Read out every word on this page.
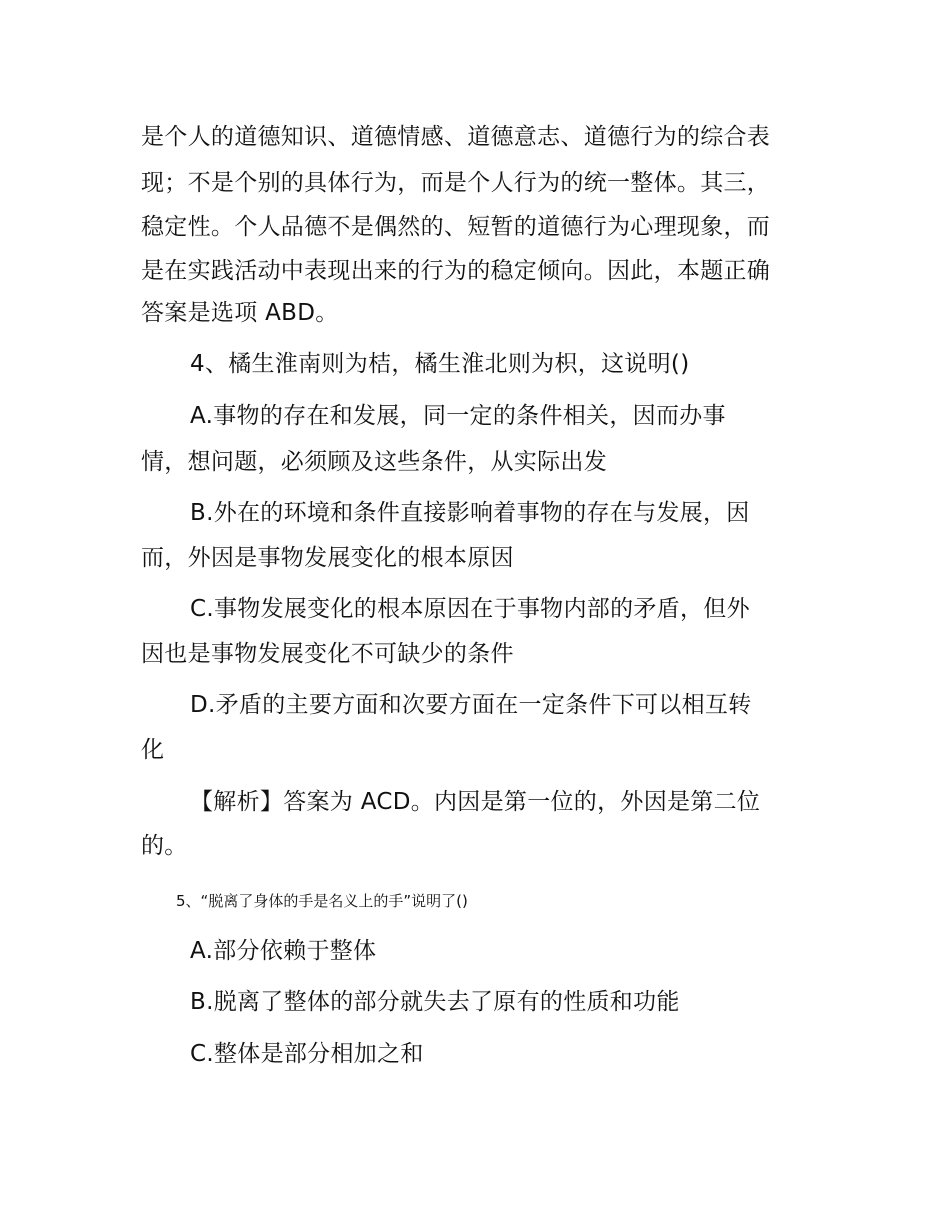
是个人的道德知识、道德情感、道德意志、道德行为的综合表
现；不是个别的具体行为，而是个人行为的统一整体。其三，
稳定性。个人品德不是偶然的、短暂的道德行为心理现象，而
是在实践活动中表现出来的行为的稳定倾向。因此，本题正确
答案是选项 ABD。
4、橘生淮南则为桔，橘生淮北则为枳，这说明()
A.事物的存在和发展，同一定的条件相关，因而办事
情，想问题，必须顾及这些条件，从实际出发
B.外在的环境和条件直接影响着事物的存在与发展，因
而，外因是事物发展变化的根本原因
C.事物发展变化的根本原因在于事物内部的矛盾，但外
因也是事物发展变化不可缺少的条件
D.矛盾的主要方面和次要方面在一定条件下可以相互转
化
【解析】答案为 ACD。内因是第一位的，外因是第二位
的。
5、“脱离了身体的手是名义上的手”说明了()
A.部分依赖于整体
B.脱离了整体的部分就失去了原有的性质和功能
C.整体是部分相加之和
